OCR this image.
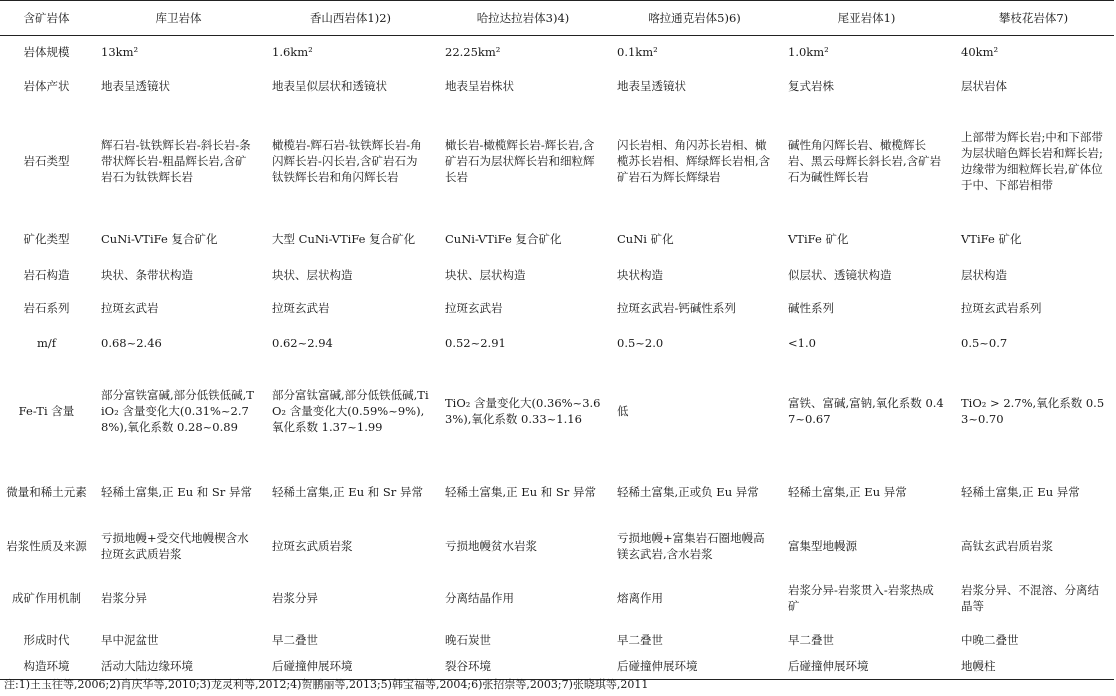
含矿岩体	库卫岩体	香山西岩体1)2)	哈拉达拉岩体3)4)	喀拉通克岩体5)6)	尾亚岩体1)	攀枝花岩体7)
岩体规模	13km²	1.6km²	22.25km²	0.1km²	1.0km²	40km²
岩体产状	地表呈透镜状	地表呈似层状和透镜状	地表呈岩株状	地表呈透镜状	复式岩株	层状岩体
岩石类型	辉石岩-钛铁辉长岩-斜长岩-条带状辉长岩-粗晶辉长岩,含矿岩石为钛铁辉长岩	橄榄岩-辉石岩-钛铁辉长岩-角闪辉长岩-闪长岩,含矿岩石为钛铁辉长岩和角闪辉长岩	橄长岩-橄榄辉长岩-辉长岩,含矿岩石为层状辉长岩和细粒辉长岩	闪长岩相、角闪苏长岩相、橄榄苏长岩相、辉绿辉长岩相,含矿岩石为辉长辉绿岩	碱性角闪辉长岩、橄榄辉长岩、黑云母辉长斜长岩,含矿岩石为碱性辉长岩	上部带为辉长岩;中和下部带为层状暗色辉长岩和辉长岩;边缘带为细粒辉长岩,矿体位于中、下部岩相带
矿化类型	CuNi-VTiFe 复合矿化	大型 CuNi-VTiFe 复合矿化	CuNi-VTiFe 复合矿化	CuNi 矿化	VTiFe 矿化	VTiFe 矿化
岩石构造	块状、条带状构造	块状、层状构造	块状、层状构造	块状构造	似层状、透镜状构造	层状构造
岩石系列	拉斑玄武岩	拉斑玄武岩	拉斑玄武岩	拉斑玄武岩-钙碱性系列	碱性系列	拉斑玄武岩系列
m/f	0.68~2.46	0.62~2.94	0.52~2.91	0.5~2.0	<1.0	0.5~0.7
Fe-Ti 含量	部分富铁富碱,部分低铁低碱,TiO₂ 含量变化大(0.31%~2.78%),氧化系数 0.28~0.89	部分富钛富碱,部分低铁低碱,TiO₂ 含量变化大(0.59%~9%),氧化系数 1.37~1.99	TiO₂ 含量变化大(0.36%~3.63%),氧化系数 0.33~1.16	低	富铁、富碱,富钠,氧化系数 0.47~0.67	TiO₂ > 2.7%,氧化系数 0.53~0.70
微量和稀土元素	轻稀土富集,正 Eu 和 Sr 异常	轻稀土富集,正 Eu 和 Sr 异常	轻稀土富集,正 Eu 和 Sr 异常	轻稀土富集,正或负 Eu 异常	轻稀土富集,正 Eu 异常	轻稀土富集,正 Eu 异常
岩浆性质及来源	亏损地幔+受交代地幔楔含水拉斑玄武质岩浆	拉斑玄武质岩浆	亏损地幔贫水岩浆	亏损地幔+富集岩石圈地幔高镁玄武岩,含水岩浆	富集型地幔源	高钛玄武岩质岩浆
成矿作用机制	岩浆分异	岩浆分异	分离结晶作用	熔离作用	岩浆分异-岩浆贯入-岩浆热成矿	岩浆分异、不混溶、分离结晶等
形成时代	早中泥盆世	早二叠世	晚石炭世	早二叠世	早二叠世	中晚二叠世
构造环境	活动大陆边缘环境	后碰撞伸展环境	裂谷环境	后碰撞伸展环境	后碰撞伸展环境	地幔柱
注:1)王玉往等,2006;2)肖庆华等,2010;3)龙灵利等,2012;4)贺鹏丽等,2013;5)韩宝福等,2004;6)张招崇等,2003;7)张晓琪等,2011
